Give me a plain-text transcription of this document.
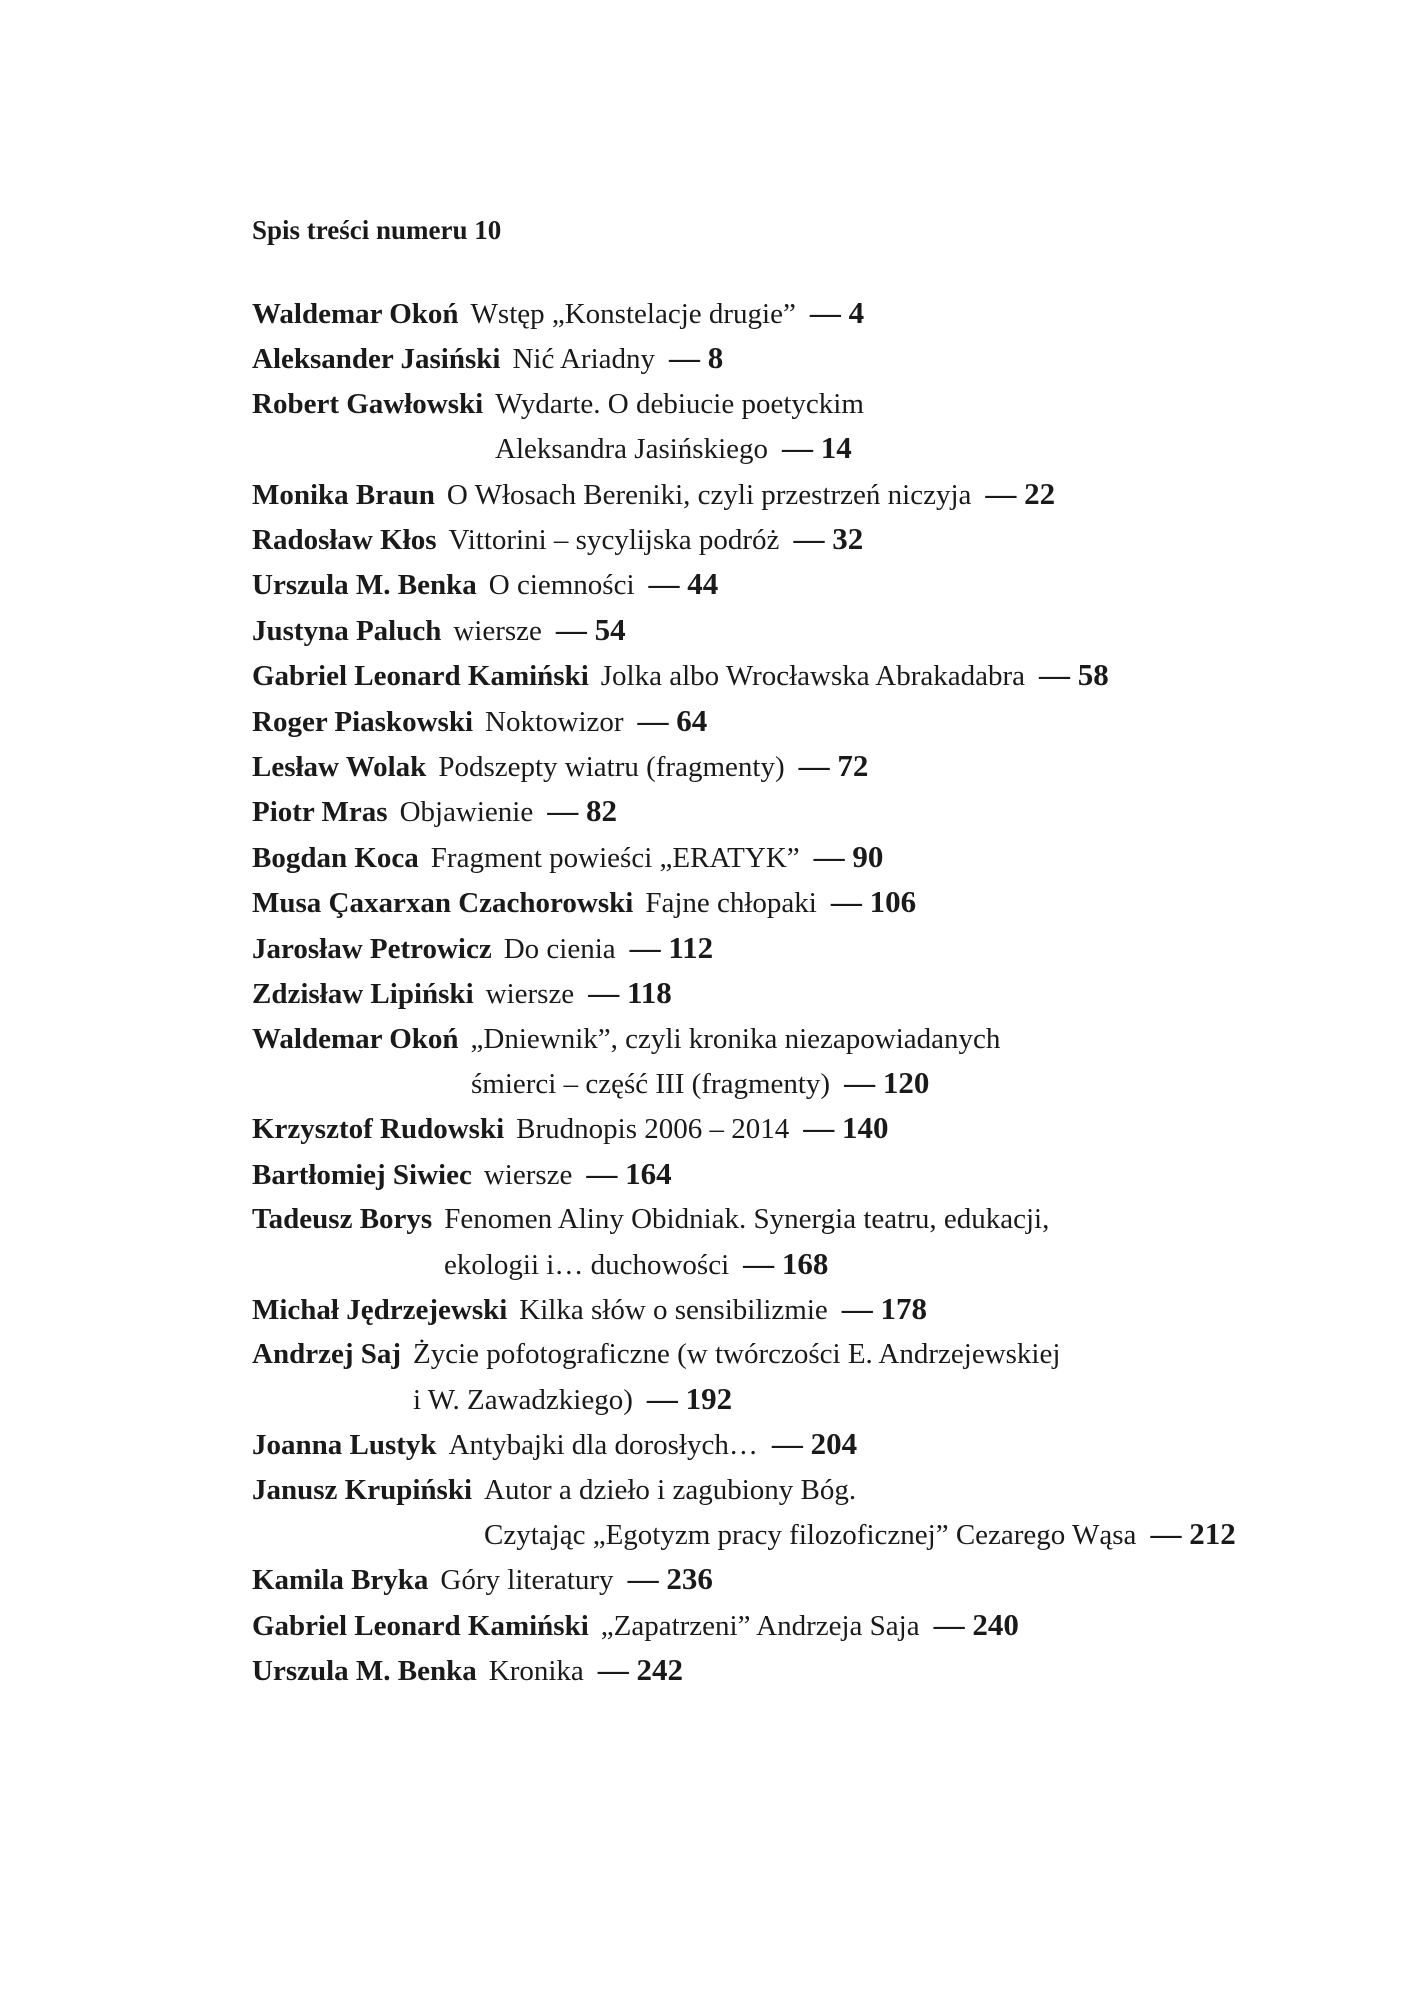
Spis treści numeru 10
Waldemar Okoń Wstęp „Konstelacje drugie” — 4
Aleksander Jasiński Nić Ariadny — 8
Robert Gawłowski Wydarte. O debiucie poetyckim
Aleksandra Jasińskiego — 14
Monika Braun O Włosach Bereniki, czyli przestrzeń niczyja — 22
Radosław Kłos Vittorini – sycylijska podróż — 32
Urszula M. Benka O ciemności — 44
Justyna Paluch wiersze — 54
Gabriel Leonard Kamiński Jolka albo Wrocławska Abrakadabra — 58
Roger Piaskowski Noktowizor — 64
Lesław Wolak Podszepty wiatru (fragmenty) — 72
Piotr Mras Objawienie — 82
Bogdan Koca Fragment powieści „ERATYK” — 90
Musa Çaxarxan Czachorowski Fajne chłopaki — 106
Jarosław Petrowicz Do cienia — 112
Zdzisław Lipiński wiersze — 118
Waldemar Okoń „Dniewnik”, czyli kronika niezapowiadanych
śmierci – część III (fragmenty) — 120
Krzysztof Rudowski Brudnopis 2006 – 2014 — 140
Bartłomiej Siwiec wiersze — 164
Tadeusz Borys Fenomen Aliny Obidniak. Synergia teatru, edukacji,
ekologii i… duchowości — 168
Michał Jędrzejewski Kilka słów o sensibilizmie — 178
Andrzej Saj Życie pofotograficzne (w twórczości E. Andrzejewskiej
i W. Zawadzkiego) — 192
Joanna Lustyk Antybajki dla dorosłych… — 204
Janusz Krupiński Autor a dzieło i zagubiony Bóg.
Czytając „Egotyzm pracy filozoficznej” Cezarego Wąsa — 212
Kamila Bryka Góry literatury — 236
Gabriel Leonard Kamiński „Zapatrzeni” Andrzeja Saja — 240
Urszula M. Benka Kronika — 242
